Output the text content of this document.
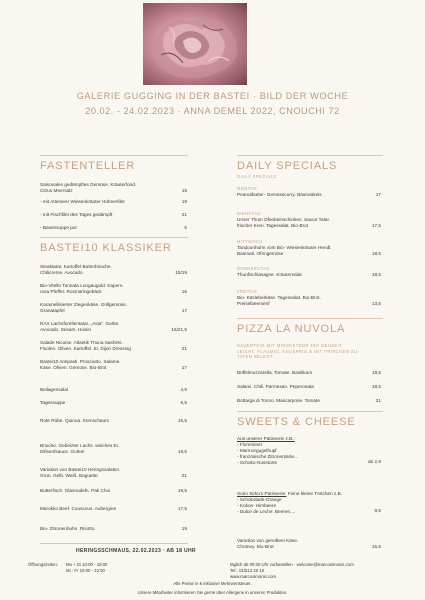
GALERIE GUGGING IN DER BASTEI · BILD DER WOCHE
20.02. - 24.02.2023 · ANNA DEMEL 2022, CNOUCHI 72
FASTENTELLER
Saisonales gedämpftes Gemüse. Kräuterfond.
Citrus Meersalz	15
- mit Atterseer Wiesenkräuter Hühnerfilet	19
- mit Fischfilet des Tages gedämpft	21
- Basensuppe pur	5
BASTEI10 KLASSIKER
Steaktatar. Kartoffel-Butterbrioche.
Chilicreme. Avocado	15/19
Bio-Vitello Tonnata Lungauguld. Kapern.
rosa Pfeffer. Rosmaringebäck	16
Karamellisierter Ziegenkäse. Grillgemüse.
Granatapfel	17
RAX Lachsforellentatar. „Asia“. Gurke.
Avocado. Sesam. Hoisin	16/21,5
Salade Nicoise. Atlantik Thuna Sashimi.
Fisolen. Oliven. Kartoffel. Ei. Dijon Dressing	21
Bastei10 Antipasti. Prosciutto. Salame.
Käse. Oliven. Gemüse. Bio-Brot	17
Beilagensalat	4,9
Tagessuppe	6,5
Rote Rübe. Quinoa. Krenschaum	16,5
Brioche. Gebeizter Lachs. weiches Ei.
Dillsenfsauce. Gurke!	19,5
Variation von Bastei10 Heringssalaten.
Grün. Gelb. Weiß. Baguette	21
Butterfisch. Glasnudeln. Pak Choi	19,5
Marokko Beef. Couscous. Aubergine	17,5
Bio- Zitronenhuhn. Risotto	19
HERINGSSCHMAUS, 22.02.2023 · AB 18 UHR
DAILY SPECIALS
DAILY SPECIALS
MONTAG
Peanutbutter- Gemüsecurry. Basmatireis	17
DIENSTAG
Unser Thum Ofenbeinschinken. Sauce Tatar.
frischer Kren. Tagessalat. Bio-Brot	17,5
MITTWOCH
Tandoorihuhn vom Bio- Wiesenkräuter Hendl.
Basmati. Ofengemüse	18,5
DONNERSTAG
Thunfischlasagne. Kräutersalat	18,5
FREITAG
Bio- Käsleberkäse. Tagessalat. Bio-Brot.
Preiselbeersenf	13,5
PIZZA LA NUVOLA
SAUERTEIG MIT MINDESTENS 48H GEHZEIT.
LEICHT, FLAUMIG, KNUSPRIG & MIT FRISCHEN ZU-
TATEN BELEGT
Büffelmozzarella. Tomate. Basilikum	18,5
Salami. Chili. Parmesan. Peperonata	18,5
Bottarga di Tonno. Mascarpone. Tomate	21
SWEETS & CHEESE
Aus unserer Patisserie z.B.:
- Florentiner
- Marmorgugelhupf
- französische Zitronentarte...
- Schoko-Nusstorte	ab 2,9
Sorin Sirku’s Patisserie: Feine kleine Törtchen z.B.
- Schokolade-Orange
- Kokos- Himbeere
- Dulce de Leche. Beeren....	8,5
Variation von gereiftem Käse.
Chutney. Bio-Brot	16,5
Öffnungszeiten: Mo + Di 10:00 - 19:00
Mi - Fr 10:00 - 22:00
täglich ab 09:30 Uhr vorbestellen · welcome@marcosimonis.com
Tel.: 01/512 20 10
www.marcosimonis.com
Alle Preise in € inklusive Mehrwertsteuer.
Unsere Mitarbeiter informieren Sie gerne über Allergene in unseren Produkten.
